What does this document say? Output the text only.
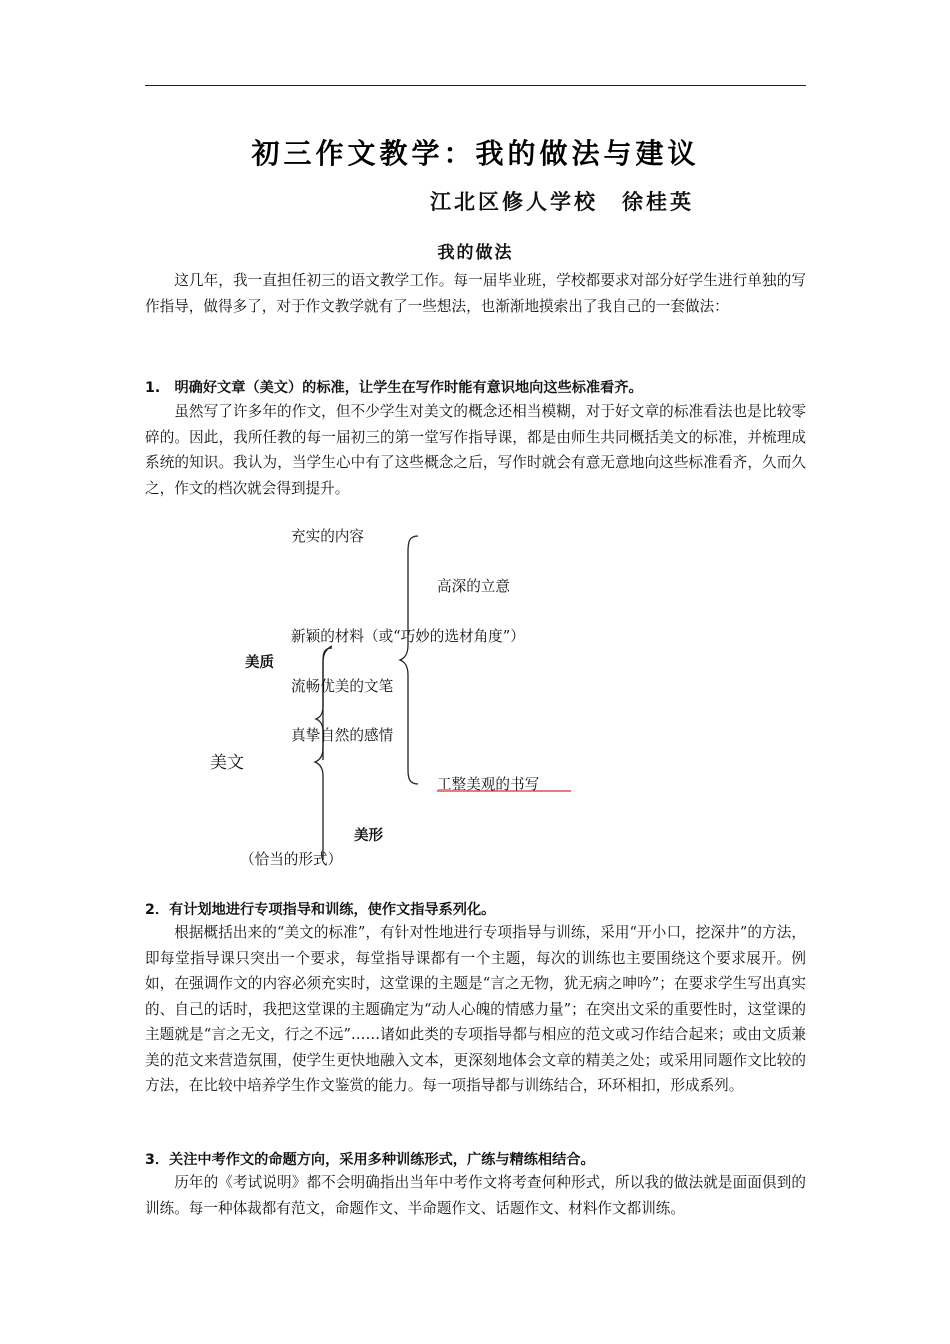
初三作文教学：我的做法与建议
江北区修人学校　徐桂英
我的做法

这几年，我一直担任初三的语文教学工作。每一届毕业班，学校都要求对部分好学生进行单独的写作指导，做得多了，对于作文教学就有了一些想法，也渐渐地摸索出了我自己的一套做法：

1.　明确好文章（美文）的标准，让学生在写作时能有意识地向这些标准看齐。

虽然写了许多年的作文，但不少学生对美文的概念还相当模糊，对于好文章的标准看法也是比较零碎的。因此，我所任教的每一届初三的第一堂写作指导课，都是由师生共同概括美文的标准，并梳理成系统的知识。我认为，当学生心中有了这些概念之后，写作时就会有意无意地向这些标准看齐，久而久之，作文的档次就会得到提升。

充实的内容
高深的立意
新颖的材料（或“巧妙的选材角度”）
美质
流畅优美的文笔
真挚自然的感情
美文
工整美观的书写
美形
（恰当的形式）

2．有计划地进行专项指导和训练，使作文指导系列化。

根据概括出来的“美文的标准”，有针对性地进行专项指导与训练，采用“开小口，挖深井”的方法，即每堂指导课只突出一个要求，每堂指导课都有一个主题，每次的训练也主要围绕这个要求展开。例如，在强调作文的内容必须充实时，这堂课的主题是“言之无物，犹无病之呻吟”；在要求学生写出真实的、自己的话时，我把这堂课的主题确定为“动人心魄的情感力量”；在突出文采的重要性时，这堂课的主题就是“言之无文，行之不远”……诸如此类的专项指导都与相应的范文或习作结合起来；或由文质兼美的范文来营造氛围，使学生更快地融入文本，更深刻地体会文章的精美之处；或采用同题作文比较的方法，在比较中培养学生作文鉴赏的能力。每一项指导都与训练结合，环环相扣，形成系列。

3．关注中考作文的命题方向，采用多种训练形式，广练与精练相结合。

历年的《考试说明》都不会明确指出当年中考作文将考查何种形式，所以我的做法就是面面俱到的训练。每一种体裁都有范文，命题作文、半命题作文、话题作文、材料作文都训练。
